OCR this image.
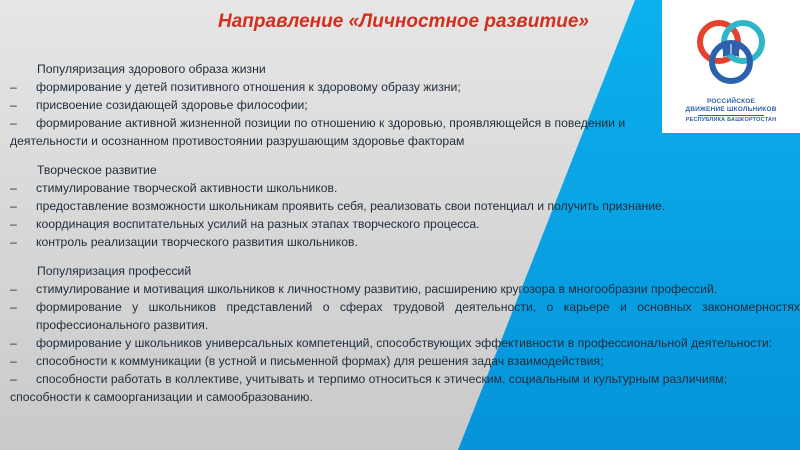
РОССИЙСКОЕ
ДВИЖЕНИЕ ШКОЛЬНИКОВ
РЕСПУБЛИКА БАШКОРТОСТАН
Направление «Личностное развитие»
Популяризация здорового образа жизни
– формирование у детей позитивного отношения к здоровому образу жизни;
– присвоение созидающей здоровье философии;
– формирование активной жизненной позиции по отношению к здоровью, проявляющейся в поведении и
деятельности и осознанном противостоянии разрушающим здоровье факторам
Творческое развитие
– стимулирование творческой активности школьников.
– предоставление возможности школьникам проявить себя, реализовать свои потенциал и получить признание.
– координация воспитательных усилий на разных этапах творческого процесса.
– контроль реализации творческого развития школьников.
Популяризация профессий
– стимулирование и мотивация школьников к личностному развитию, расширению кругозора в многообразии профессий.
– формирование у школьников представлений о сферах трудовой деятельности, о карьере и основных закономерностях профессионального развития.
– формирование у школьников универсальных компетенций, способствующих эффективности в профессиональной деятельности:
– способности к коммуникации (в устной и письменной формах) для решения задач взаимодействия;
– способности работать в коллективе, учитывать и терпимо относиться к этическим, социальным и культурным различиям;
способности к самоорганизации и самообразованию.
